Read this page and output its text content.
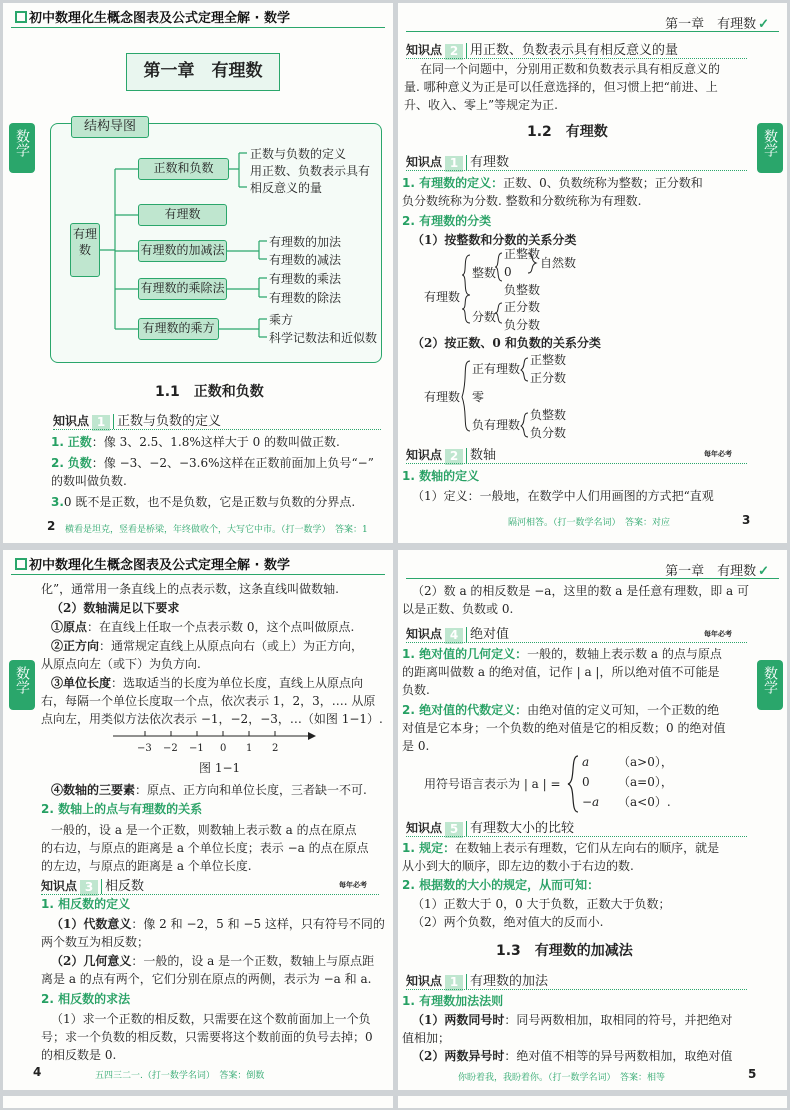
初中数理化生概念图表及公式定理全解 · 数学
数学
第一章　有理数
结构导图
有理数
正数和负数
有理数
有理数的加减法
有理数的乘除法
有理数的乘方
正数与负数的定义
用正数、负数表示具有
相反意义的量
有理数的加法
有理数的减法
有理数的乘法
有理数的除法
乘方
科学记数法和近似数
1.1　正数和负数
知识点 1 正数与负数的定义
1. 正数：像 3、2.5、1.8%这样大于 0 的数叫做正数.
2. 负数：像 −3、−2、−3.6%这样在正数前面加上负号“−”
的数叫做负数.
3.0 既不是正数，也不是负数，它是正数与负数的分界点.
2 横看是坦克，竖看是桥梁，年终做收个，大写它中市。（打一数学）　答案：1
第一章　有理数 ✓
数学
知识点 2 用正数、负数表示具有相反意义的量
在同一个问题中，分别用正数和负数表示具有相反意义的
量. 哪种意义为正是可以任意选择的，但习惯上把“前进、上
升、收入、零上”等规定为正.
1.2　有理数
知识点 1 有理数
1. 有理数的定义：正数、0、负数统称为整数；正分数和
负分数统称为分数. 整数和分数统称为有理数.
2. 有理数的分类
（1）按整数和分数的关系分类
有理数
整数
正整数
0
负整数
自然数
分数
正分数
负分数
（2）按正数、0 和负数的关系分类
有理数
正有理数
正整数
正分数
零
负有理数
负整数
负分数
知识点 2 数轴	每年必考
1. 数轴的定义
（1）定义：一般地，在数学中人们用画图的方式把“直观
隔河相答。（打一数学名词）　答案：对应	3
初中数理化生概念图表及公式定理全解 · 数学
数学
化”，通常用一条直线上的点表示数，这条直线叫做数轴.
（2）数轴满足以下要求
①原点：在直线上任取一个点表示数 0，这个点叫做原点.
②正方向：通常规定直线上从原点向右（或上）为正方向，
从原点向左（或下）为负方向.
③单位长度：选取适当的长度为单位长度，直线上从原点向
右，每隔一个单位长度取一个点，依次表示 1，2，3，…. 从原
点向左，用类似方法依次表示 −1，−2，−3，…（如图 1−1）.
−3 −2 −1 0 1 2
图 1−1
④数轴的三要素：原点、正方向和单位长度，三者缺一不可.
2. 数轴上的点与有理数的关系
一般的，设 a 是一个正数，则数轴上表示数 a 的点在原点
的右边，与原点的距离是 a 个单位长度；表示 −a 的点在原点
的左边，与原点的距离是 a 个单位长度.
知识点 3 相反数	每年必考
1. 相反数的定义
（1）代数意义：像 2 和 −2，5 和 −5 这样，只有符号不同的
两个数互为相反数；
（2）几何意义：一般的，设 a 是一个正数，数轴上与原点距
离是 a 的点有两个，它们分别在原点的两侧，表示为 −a 和 a.
2. 相反数的求法
（1）求一个正数的相反数，只需要在这个数前面加上一个负
号；求一个负数的相反数，只需要将这个数前面的负号去掉；0
的相反数是 0.
4	五四三二一.（打一数学名词）　答案：倒数
第一章　有理数 ✓
数学
（2）数 a 的相反数是 −a，这里的数 a 是任意有理数，即 a 可
以是正数、负数或 0.
知识点 4 绝对值	每年必考
1. 绝对值的几何定义：一般的，数轴上表示数 a 的点与原点
的距离叫做数 a 的绝对值，记作 | a |，所以绝对值不可能是
负数.
2. 绝对值的代数定义：由绝对值的定义可知，一个正数的绝
对值是它本身；一个负数的绝对值是它的相反数；0 的绝对值
是 0.
用符号语言表示为 | a | =
a （a>0），
0 （a=0），
−a （a<0）.
知识点 5 有理数大小的比较
1. 规定：在数轴上表示有理数，它们从左向右的顺序，就是
从小到大的顺序，即左边的数小于右边的数.
2. 根据数的大小的规定，从而可知：
（1）正数大于 0，0 大于负数，正数大于负数；
（2）两个负数，绝对值大的反而小.
1.3　有理数的加减法
知识点 1 有理数的加法
1. 有理数加法法则
（1）两数同号时：同号两数相加，取相同的符号，并把绝对
值相加；
（2）两数异号时：绝对值不相等的异号两数相加，取绝对值
你盼着我，我盼着你。（打一数学名词）　答案：相等	5
